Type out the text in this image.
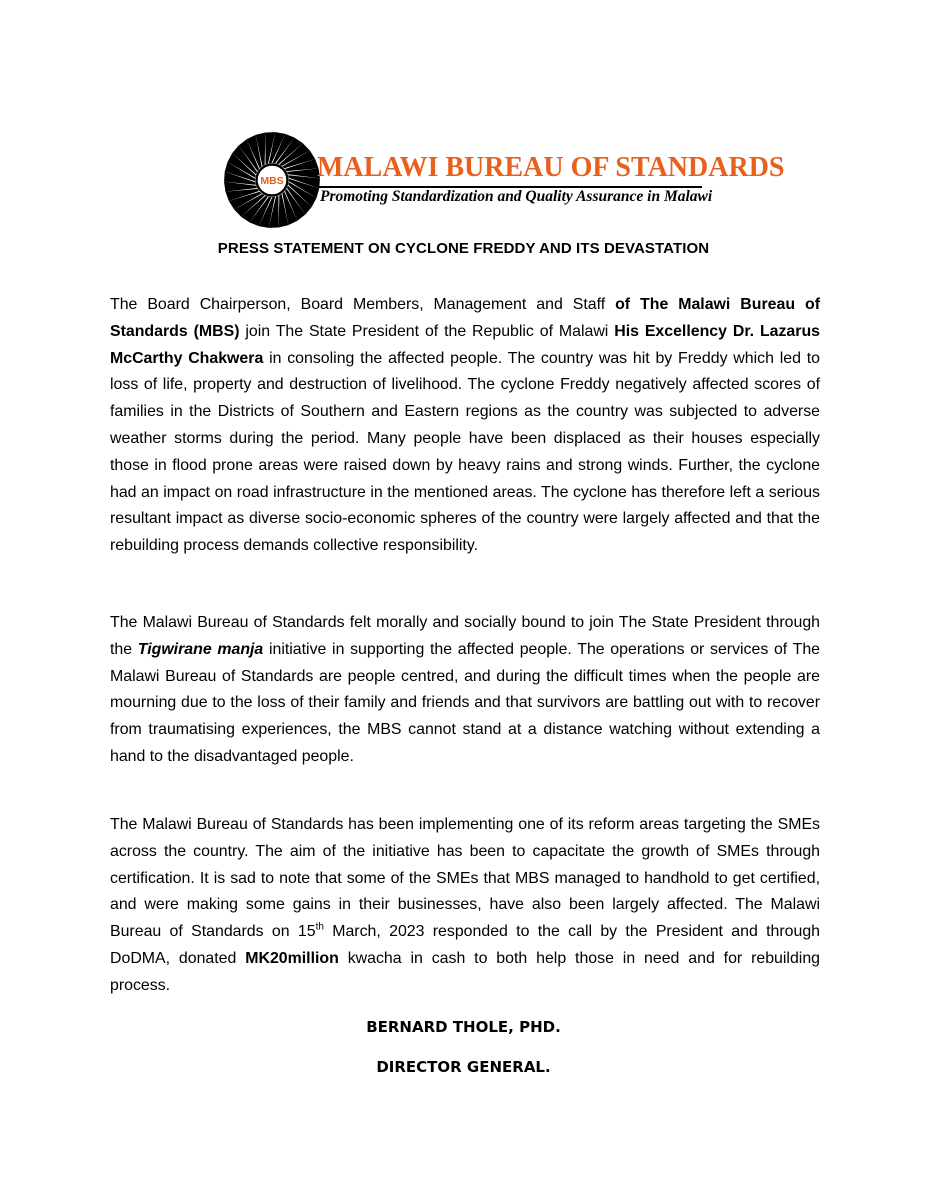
MBS MALAWI BUREAU OF STANDARDS
Promoting Standardization and Quality Assurance in Malawi
PRESS STATEMENT ON CYCLONE FREDDY AND ITS DEVASTATION
The Board Chairperson, Board Members, Management and Staff of The Malawi Bureau of Standards (MBS) join The State President of the Republic of Malawi His Excellency Dr. Lazarus McCarthy Chakwera in consoling the affected people. The country was hit by Freddy which led to loss of life, property and destruction of livelihood. The cyclone Freddy negatively affected scores of families in the Districts of Southern and Eastern regions as the country was subjected to adverse weather storms during the period. Many people have been displaced as their houses especially those in flood prone areas were raised down by heavy rains and strong winds. Further, the cyclone had an impact on road infrastructure in the mentioned areas. The cyclone has therefore left a serious resultant impact as diverse socio-economic spheres of the country were largely affected and that the rebuilding process demands collective responsibility.
The Malawi Bureau of Standards felt morally and socially bound to join The State President through the Tigwirane manja initiative in supporting the affected people. The operations or services of The Malawi Bureau of Standards are people centred, and during the difficult times when the people are mourning due to the loss of their family and friends and that survivors are battling out with to recover from traumatising experiences, the MBS cannot stand at a distance watching without extending a hand to the disadvantaged people.
The Malawi Bureau of Standards has been implementing one of its reform areas targeting the SMEs across the country. The aim of the initiative has been to capacitate the growth of SMEs through certification. It is sad to note that some of the SMEs that MBS managed to handhold to get certified, and were making some gains in their businesses, have also been largely affected. The Malawi Bureau of Standards on 15th March, 2023 responded to the call by the President and through DoDMA, donated MK20million kwacha in cash to both help those in need and for rebuilding process.
BERNARD THOLE, PHD.
DIRECTOR GENERAL.
